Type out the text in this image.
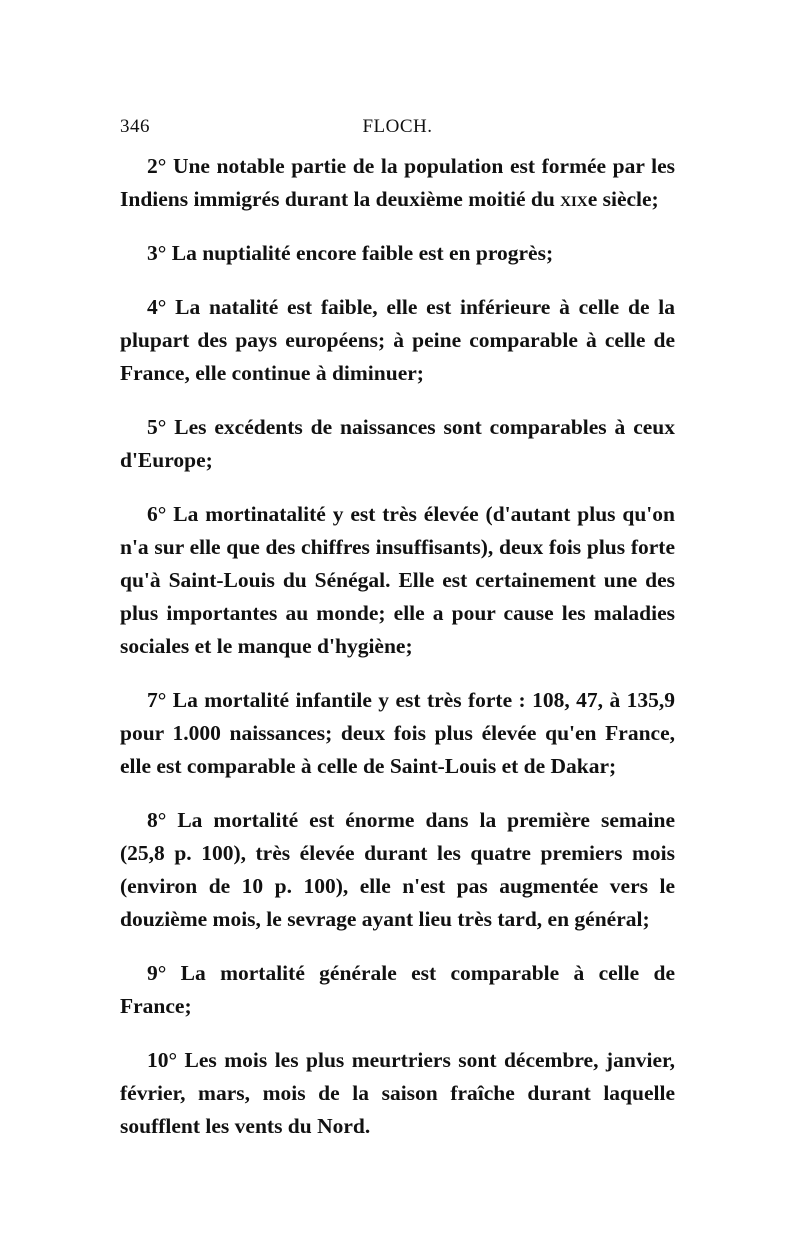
346	FLOCH.

2° Une notable partie de la population est formée par les Indiens immigrés durant la deuxième moitié du xixe siècle;

3° La nuptialité encore faible est en progrès;

4° La natalité est faible, elle est inférieure à celle de la plupart des pays européens; à peine comparable à celle de France, elle continue à diminuer;

5° Les excédents de naissances sont comparables à ceux d'Europe;

6° La mortinatalité y est très élevée (d'autant plus qu'on n'a sur elle que des chiffres insuffisants), deux fois plus forte qu'à Saint-Louis du Sénégal. Elle est certainement une des plus importantes au monde; elle a pour cause les maladies sociales et le manque d'hygiène;

7° La mortalité infantile y est très forte : 108, 47, à 135,9 pour 1.000 naissances; deux fois plus élevée qu'en France, elle est comparable à celle de Saint-Louis et de Dakar;

8° La mortalité est énorme dans la première semaine (25,8 p. 100), très élevée durant les quatre premiers mois (environ de 10 p. 100), elle n'est pas augmentée vers le douzième mois, le sevrage ayant lieu très tard, en général;

9° La mortalité générale est comparable à celle de France;

10° Les mois les plus meurtriers sont décembre, janvier, février, mars, mois de la saison fraîche durant laquelle soufflent les vents du Nord.
